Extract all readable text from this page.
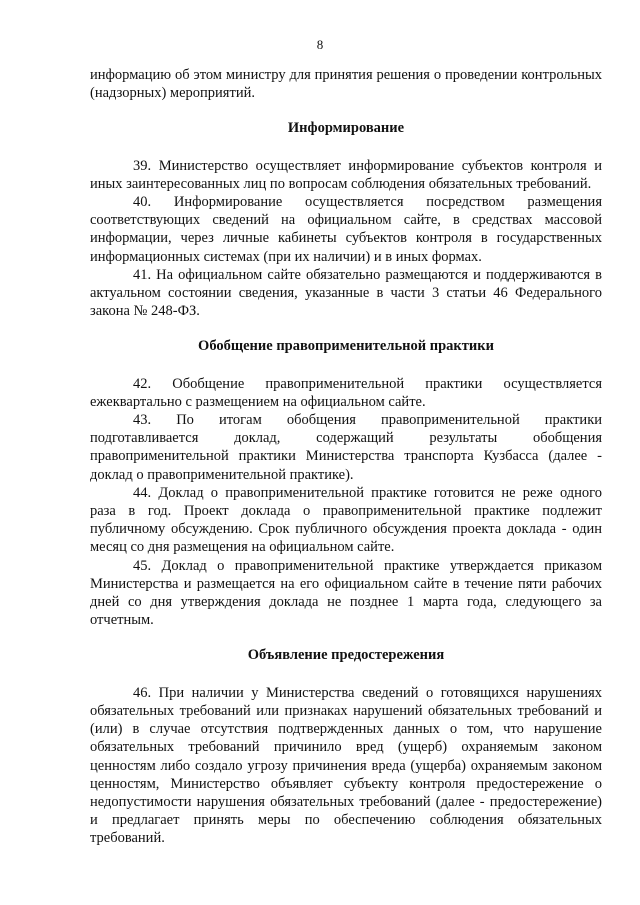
8

информацию об этом министру для принятия решения о проведении контрольных (надзорных) мероприятий.

Информирование

39. Министерство осуществляет информирование субъектов контроля и иных заинтересованных лиц по вопросам соблюдения обязательных требований.

40. Информирование осуществляется посредством размещения соответствующих сведений на официальном сайте, в средствах массовой информации, через личные кабинеты субъектов контроля в государственных информационных системах (при их наличии) и в иных формах.

41. На официальном сайте обязательно размещаются и поддерживаются в актуальном состоянии сведения, указанные в части 3 статьи 46 Федерального закона № 248-ФЗ.

Обобщение правоприменительной практики

42. Обобщение правоприменительной практики осуществляется ежеквартально с размещением на официальном сайте.

43. По итогам обобщения правоприменительной практики подготавливается доклад, содержащий результаты обобщения правоприменительной практики Министерства транспорта Кузбасса (далее - доклад о правоприменительной практике).

44. Доклад о правоприменительной практике готовится не реже одного раза в год. Проект доклада о правоприменительной практике подлежит публичному обсуждению. Срок публичного обсуждения проекта доклада - один месяц со дня размещения на официальном сайте.

45. Доклад о правоприменительной практике утверждается приказом Министерства и размещается на его официальном сайте в течение пяти рабочих дней со дня утверждения доклада не позднее 1 марта года, следующего за отчетным.

Объявление предостережения

46. При наличии у Министерства сведений о готовящихся нарушениях обязательных требований или признаках нарушений обязательных требований и (или) в случае отсутствия подтвержденных данных о том, что нарушение обязательных требований причинило вред (ущерб) охраняемым законом ценностям либо создало угрозу причинения вреда (ущерба) охраняемым законом ценностям, Министерство объявляет субъекту контроля предостережение о недопустимости нарушения обязательных требований (далее - предостережение) и предлагает принять меры по обеспечению соблюдения обязательных требований.
